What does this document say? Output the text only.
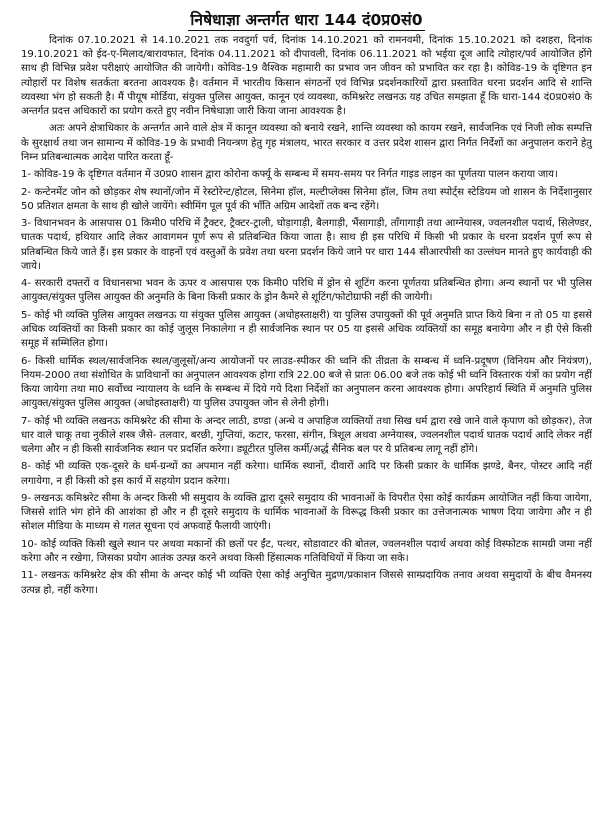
निषेधाज्ञा अन्तर्गत धारा 144 दं0प्र0सं0

दिनांक 07.10.2021 से 14.10.2021 तक नवदुर्गा पर्व, दिनांक 14.10.2021 को रामनवमी, दिनांक 15.10.2021 को दशहरा, दिनांक 19.10.2021 को ईद-ए-मिलाद/बारावफात, दिनांक 04.11.2021 को दीपावली, दिनांक 06.11.2021 को भईया दूज आदि त्योहार/पर्व आयोजित होंगे साथ ही विभिन्न प्रवेश परीक्षाएं आयोजित की जायेगी। कोविड-19 वैश्विक महामारी का प्रभाव जन जीवन को प्रभावित कर रहा है। कोविड-19 के दृष्टिगत इन त्योहारों पर विशेष सतर्कता बरतना आवश्यक है। वर्तमान में भारतीय किसान संगठनों एवं विभिन्न प्रदर्शनकारियों द्वारा प्रस्तावित धरना प्रदर्शन आदि से शान्ति व्यवस्था भंग हो सकती है। मैं पीयूष मोर्डिया, संयुक्त पुलिस आयुक्त, कानून एवं व्यवस्था, कमिश्नरेट लखनऊ यह उचित समझता हूँ कि धारा-144 दं0प्र0सं0 के अन्तर्गत प्रदत्त अधिकारों का प्रयोग करते हुए नवीन निषेधाज्ञा जारी किया जाना आवश्यक है।

अतः अपने क्षेत्राधिकार के अन्तर्गत आने वाले क्षेत्र में कानून व्यवस्था को बनाये रखने, शान्ति व्यवस्था को कायम रखने, सार्वजनिक एवं निजी लोक सम्पत्ति के सुरक्षार्थ तथा जन सामान्य में कोविड-19 के प्रभावी नियन्त्रण हेतु गृह मंत्रालय, भारत सरकार व उत्तर प्रदेश शासन द्वारा निर्गत निर्देशों का अनुपालन कराने हेतु निम्न प्रतिबन्धात्मक आदेश पारित करता हूँ-

1- कोविड-19 के दृष्टिगत वर्तमान में उ0प्र0 शासन द्वारा कोरोना कर्फ्यू के सम्बन्ध में समय-समय पर निर्गत गाइड लाइन का पूर्णतया पालन कराया जाय।

2- कन्टेनमेंट जोन को छोड़कर शेष स्थानों/जोन में रेस्टोरेन्ट/होटल, सिनेमा हॉल, मल्टीप्लेक्स सिनेमा हॉल, जिम तथा स्पोर्ट्स स्टेडियम जो शासन के निर्देशानुसार 50 प्रतिशत क्षमता के साथ ही खोले जायेंगे। स्वीमिंग पूल पूर्व की भाँति अग्रिम आदेशों तक बन्द रहेंगे।

3- विधानभवन के आसपास 01 किमी0 परिधि में ट्रैक्टर, ट्रैक्टर-ट्राली, घोड़ागाड़ी, बैलगाड़ी, भैंसागाड़ी, ताँगागाड़ी तथा आग्नेयास्त्र, ज्वलनशील पदार्थ, सिलेण्डर, घातक पदार्थ, हथियार आदि लेकर आवागमन पूर्ण रूप से प्रतिबन्धित किया जाता है। साथ ही इस परिधि में किसी भी प्रकार के धरना प्रदर्शन पूर्ण रूप से प्रतिबन्धित किये जाते हैं। इस प्रकार के वाहनों एवं वस्तुओं के प्रवेश तथा धरना प्रदर्शन किये जाने पर धारा 144 सीआरपीसी का उल्लंघन मानते हुए कार्यवाही की जाये।

4- सरकारी दफ्तरों व विधानसभा भवन के ऊपर व आसपास एक किमी0 परिधि में ड्रोन से शूटिंग करना पूर्णतया प्रतिबन्धित होगा। अन्य स्थानों पर भी पुलिस आयुक्त/संयुक्त पुलिस आयुक्त की अनुमति के बिना किसी प्रकार के ड्रोन कैमरे से शूटिंग/फोटोग्राफी नहीं की जायेगी।

5- कोई भी व्यक्ति पुलिस आयुक्त लखनऊ या संयुक्त पुलिस आयुक्त (अधोहस्ताक्षरी) या पुलिस उपायुक्तों की पूर्व अनुमति प्राप्त किये बिना न तो 05 या इससे अधिक व्यक्तियों का किसी प्रकार का कोई जुलूस निकालेगा न ही सार्वजनिक स्थान पर 05 या इससे अधिक व्यक्तियों का समूह बनायेगा और न ही ऐसे किसी समूह में सम्मिलित होगा।

6- किसी धार्मिक स्थल/सार्वजनिक स्थल/जुलूसों/अन्य आयोजनों पर लाउड-स्पीकर की ध्वनि की तीव्रता के सम्बन्ध में ध्वनि-प्रदूषण (विनियम और नियंत्रण), नियम-2000 तथा संशोधित के प्राविधानों का अनुपालन आवश्यक होगा रात्रि 22.00 बजे से प्रातः 06.00 बजे तक कोई भी ध्वनि विस्तारक यंत्रों का प्रयोग नहीं किया जायेगा तथा मा0 सर्वोच्च न्यायालय के ध्वनि के सम्बन्ध में दिये गये दिशा निर्देशों का अनुपालन करना आवश्यक होगा। अपरिहार्य स्थिति में अनुमति पुलिस आयुक्त/संयुक्त पुलिस आयुक्त (अधोहस्ताक्षरी) या पुलिस उपायुक्त जोन से लेनी होगी।

7- कोई भी व्यक्ति लखनऊ कमिश्नरेट की सीमा के अन्दर लाठी, डण्डा (अन्धे व अपाहिज व्यक्तियों तथा सिख धर्म द्वारा रखे जाने वाले कृपाण को छोड़कर), तेज धार वाले चाकू तथा नुकीले शस्त्र जैसे- तलवार, बरछी, गुप्तियां, कटार, फरसा, संगीन, त्रिशूल अथवा अग्नेयास्त्र, ज्वलनशील पदार्थ घातक पदार्थ आदि लेकर नहीं चलेगा और न ही किसी सार्वजनिक स्थान पर प्रदर्शित करेगा। ड्यूटीरत पुलिस कर्मी/अर्द्ध सैनिक बल पर ये प्रतिबन्ध लागू नहीं होंगे।

8- कोई भी व्यक्ति एक-दूसरे के धर्म-ग्रन्थों का अपमान नहीं करेगा। धार्मिक स्थानों, दीवारों आदि पर किसी प्रकार के धार्मिक झण्डे, बैनर, पोस्टर आदि नहीं लगायेगा, न ही किसी को इस कार्य में सहयोग प्रदान करेगा।

9- लखनऊ कमिश्नरेट सीमा के अन्दर किसी भी समुदाय के व्यक्ति द्वारा दूसरे समुदाय की भावनाओं के विपरीत ऐसा कोई कार्यक्रम आयोजित नहीं किया जायेगा, जिससे शांति भंग होने की आशंका हो और न ही दूसरे समुदाय के धार्मिक भावनाओं के विरूद्ध किसी प्रकार का उत्तेजनात्मक भाषण दिया जायेगा और न ही सोशल मीडिया के माध्यम से गलत सूचना एवं अफवाहें फैलायी जाएंगी।

10- कोई व्यक्ति किसी खुले स्थान पर अथवा मकानों की छतों पर ईंट, पत्थर, सोडावाटर की बोतल, ज्वलनशील पदार्थ अथवा कोई विस्फोटक सामग्री जमा नहीं करेगा और न रखेगा, जिसका प्रयोग आतंक उत्पन्न करने अथवा किसी हिंसात्मक गतिविधियों में किया जा सके।

11- लखनऊ कमिश्नरेट क्षेत्र की सीमा के अन्दर कोई भी व्यक्ति ऐसा कोई अनुचित मुद्रण/प्रकाशन जिससे साम्प्रदायिक तनाव अथवा समुदायों के बीच वैमनस्य उत्पन्न हो, नहीं करेगा।
